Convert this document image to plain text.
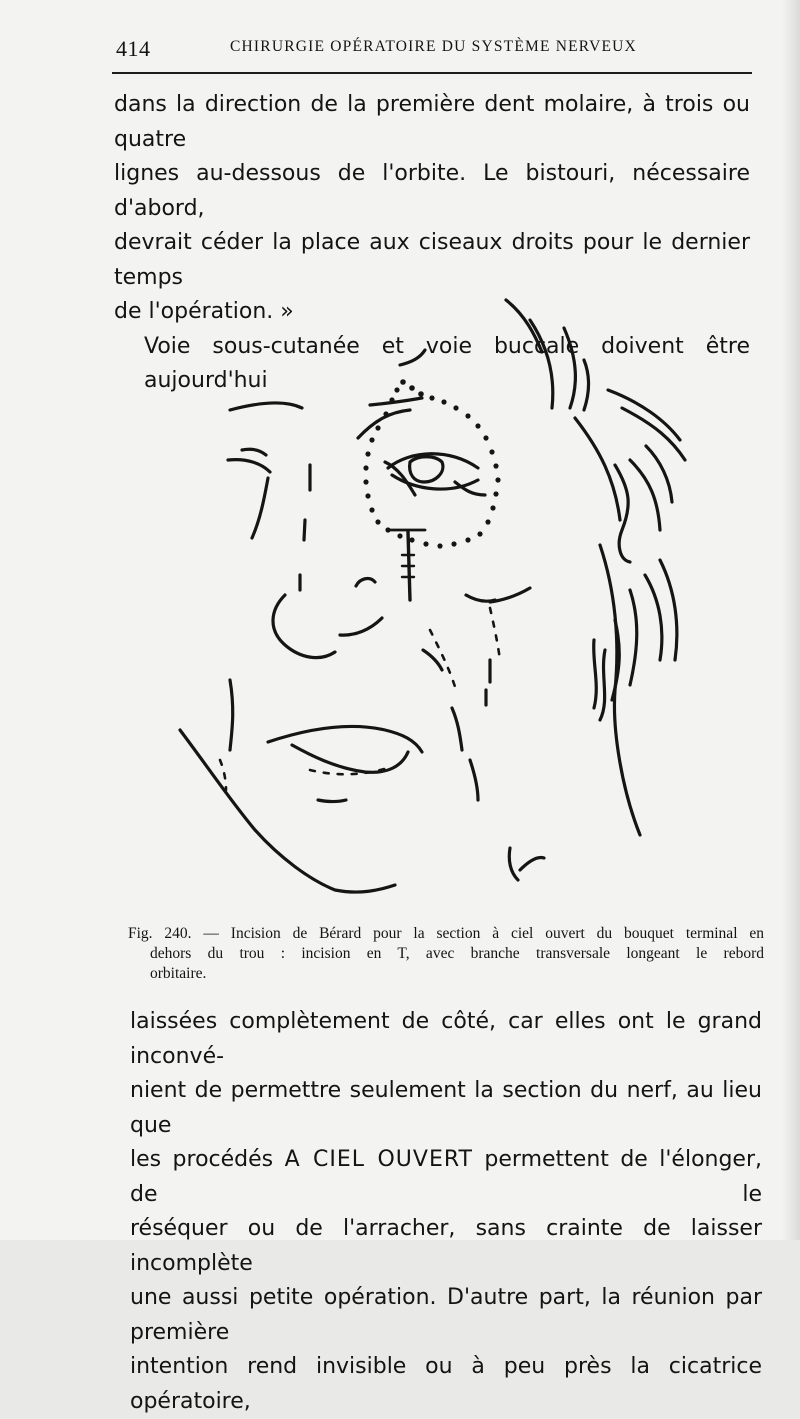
414	CHIRURGIE OPÉRATOIRE DU SYSTÈME NERVEUX
dans la direction de la première dent molaire, à trois ou quatre
lignes au-dessous de l'orbite. Le bistouri, nécessaire d'abord,
devrait céder la place aux ciseaux droits pour le dernier temps
de l'opération. »
Voie sous-cutanée et voie buccale doivent être aujourd'hui
Fig. 240. — Incision de Bérard pour la section à ciel ouvert du bouquet terminal en
dehors du trou : incision en T, avec branche transversale longeant le rebord
orbitaire.
laissées complètement de côté, car elles ont le grand inconvé-
nient de permettre seulement la section du nerf, au lieu que
les procédés A CIEL OUVERT permettent de l'élonger, de le
réséquer ou de l'arracher, sans crainte de laisser incomplète
une aussi petite opération. D'autre part, la réunion par première
intention rend invisible ou à peu près la cicatrice opératoire,
